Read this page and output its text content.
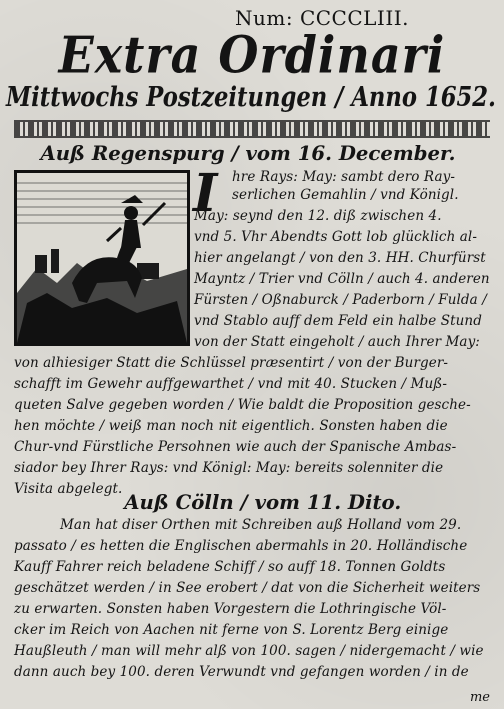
Num: CCCCLIII.
Extra Ordinari
Mittwochs Postzeitungen / Anno 1652.
Auß Regenspurg / vom 16. December.
I hre Rays: May: sambt dero Ray-
serlichen Gemahlin / vnd Königl.
May: seynd den 12. diß zwischen 4.
vnd 5. Vhr Abendts Gott lob glücklich al-
hier angelangt / von den 3. HH. Churfürst
Mayntz / Trier vnd Cölln / auch 4. anderen
Fürsten / Oßnaburck / Paderborn / Fulda /
vnd Stablo auff dem Feld ein halbe Stund
von der Statt eingeholt / auch Ihrer May:
von alhiesiger Statt die Schlüssel præsentirt / von der Burger-
schafft im Gewehr auffgewarthet / vnd mit 40. Stucken / Muß-
queten Salve gegeben worden / Wie baldt die Proposition gesche-
hen möchte / weiß man noch nit eigentlich. Sonsten haben die
Chur-vnd Fürstliche Persohnen wie auch der Spanische Ambas-
siador bey Ihrer Rays: vnd Königl: May: bereits solenniter die
Visita abgelegt.
Auß Cölln / vom 11. Dito.
Man hat diser Orthen mit Schreiben auß Holland vom 29.
passato / es hetten die Englischen abermahls in 20. Holländische
Kauff Fahrer reich beladene Schiff / so auff 18. Tonnen Goldts
geschätzet werden / in See erobert / dat von die Sicherheit weiters
zu erwarten. Sonsten haben Vorgestern die Lothringische Völ-
cker im Reich von Aachen nit ferne von S. Lorentz Berg einige
Haußleuth / man will mehr alß von 100. sagen / nidergemacht / wie
dann auch bey 100. deren Verwundt vnd gefangen worden / in de
me
